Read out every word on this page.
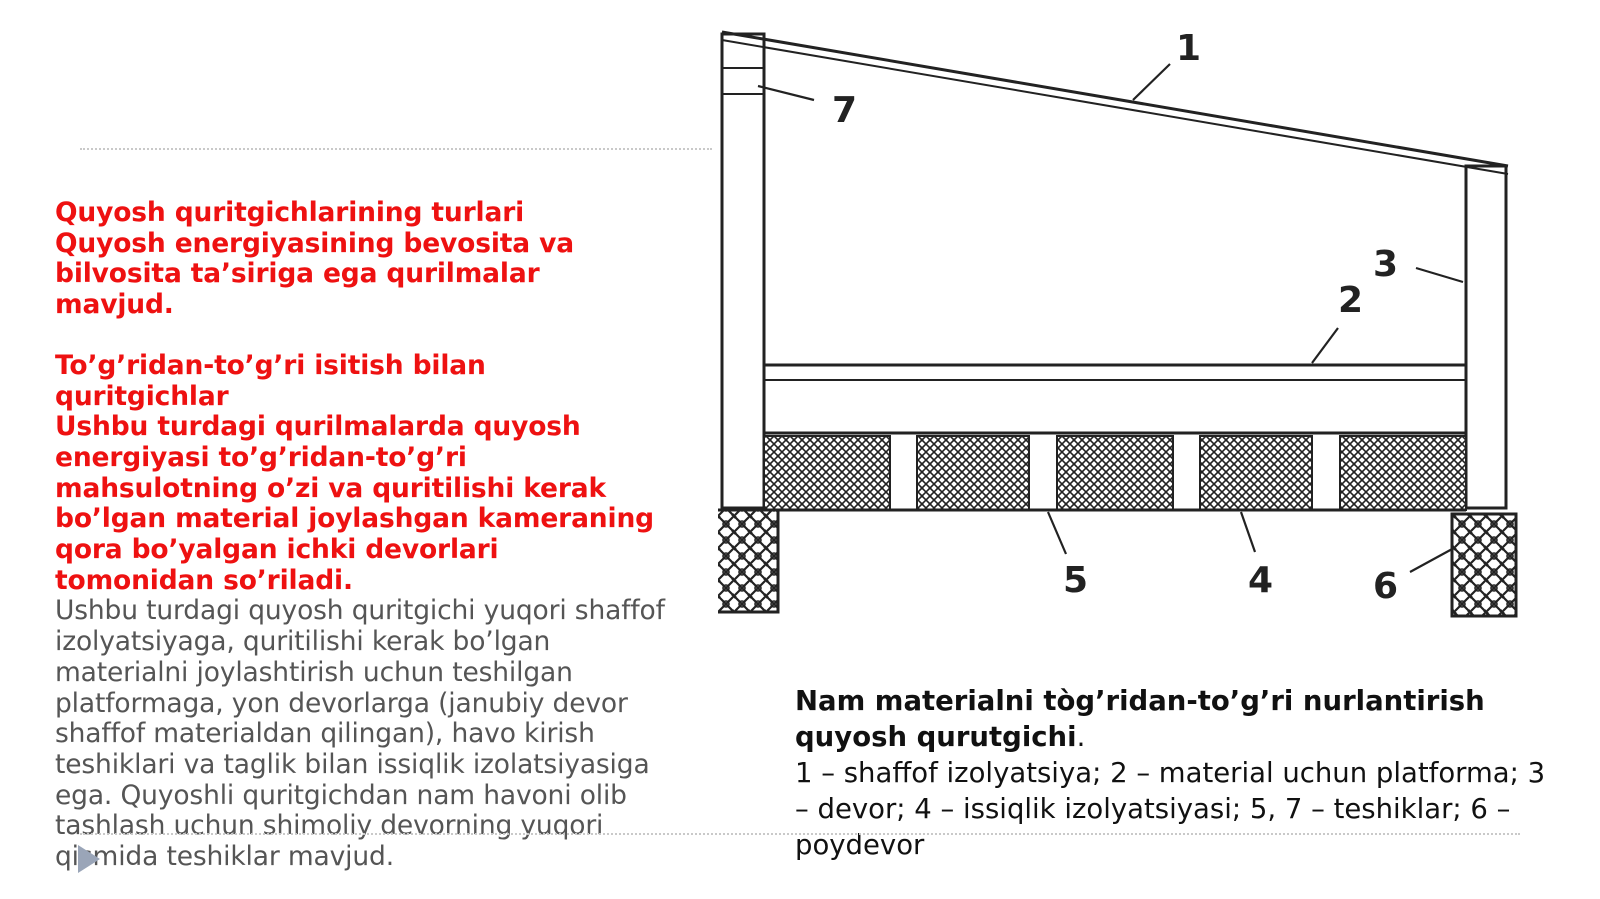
Quyosh quritgichlarining turlari
Quyosh energiyasining bevosita va bilvosita ta’siriga ega qurilmalar mavjud.
To’g’ridan-to’g’ri isitish bilan quritgichlar
Ushbu turdagi qurilmalarda quyosh energiyasi to’g’ridan-to’g’ri mahsulotning o’zi va quritilishi kerak bo’lgan material joylashgan kameraning qora bo’yalgan ichki devorlari tomonidan so’riladi.
Ushbu turdagi quyosh quritgichi yuqori shaffof izolyatsiyaga, quritilishi kerak bo’lgan materialni joylashtirish uchun teshilgan platformaga, yon devorlarga (janubiy devor shaffof materialdan qilingan), havo kirish teshiklari va taglik bilan issiqlik izolatsiyasiga ega. Quyoshli quritgichdan nam havoni olib tashlash uchun shimoliy devorning yuqori qismida teshiklar mavjud.
1
2
3
4
5	6
7
Nam materialni tòg’ridan-to’g’ri nurlantirish quyosh qurutgichi.
1 – shaffof izolyatsiya; 2 – material uchun platforma; 3 – devor; 4 – issiqlik izolyatsiyasi; 5, 7 – teshiklar; 6 – poydevor
